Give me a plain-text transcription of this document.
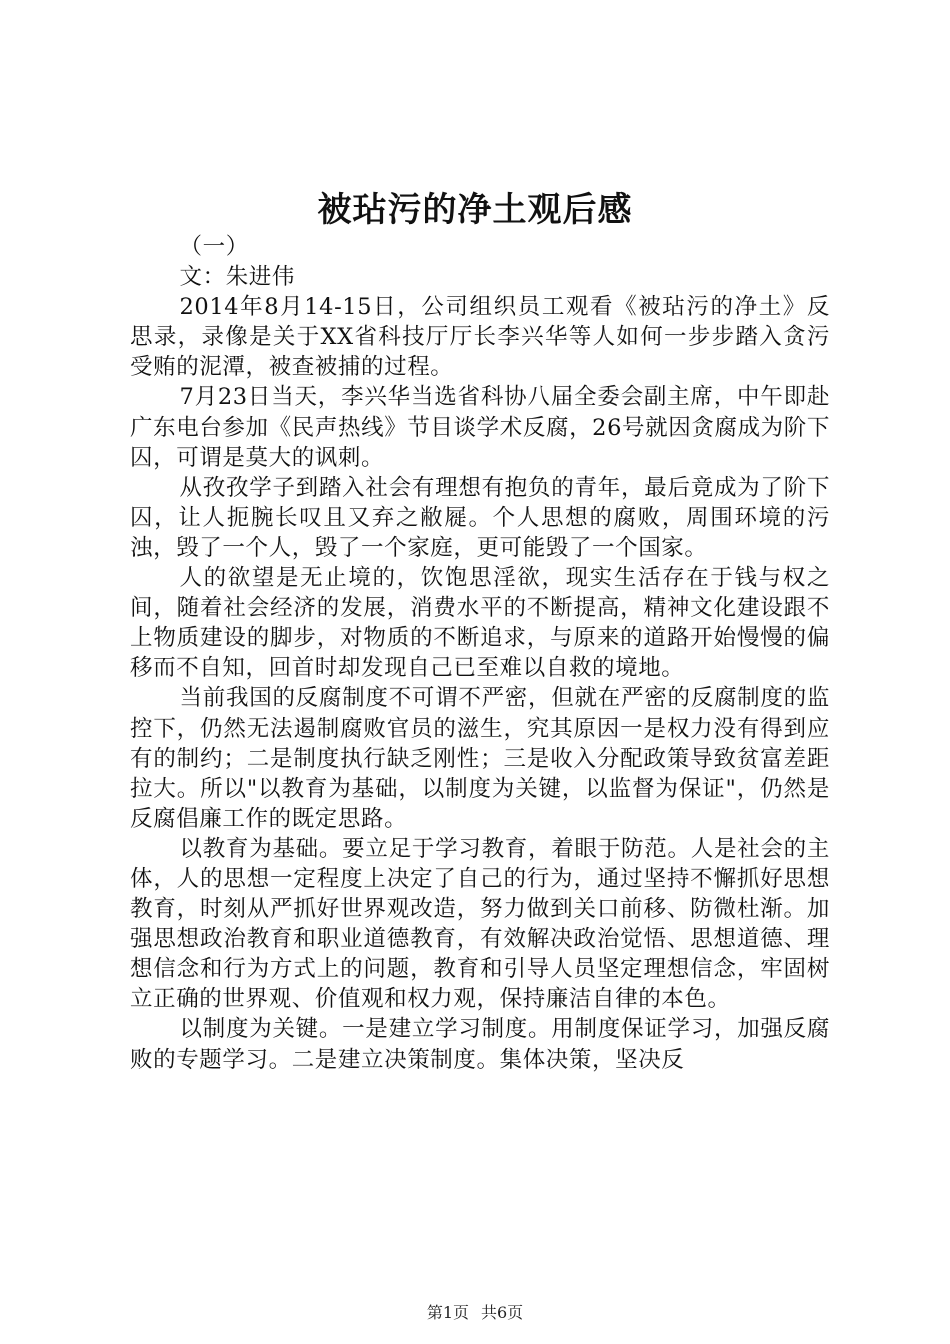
被玷污的净土观后感

（一）

文：朱进伟

2014年8月14-15日，公司组织员工观看《被玷污的净土》反思录，录像是关于XX省科技厅厅长李兴华等人如何一步步踏入贪污受贿的泥潭，被查被捕的过程。

7月23日当天，李兴华当选省科协八届全委会副主席，中午即赴广东电台参加《民声热线》节目谈学术反腐，26号就因贪腐成为阶下囚，可谓是莫大的讽刺。

从孜孜学子到踏入社会有理想有抱负的青年，最后竟成为了阶下囚，让人扼腕长叹且又弃之敝屣。个人思想的腐败，周围环境的污浊，毁了一个人，毁了一个家庭，更可能毁了一个国家。

人的欲望是无止境的，饮饱思淫欲，现实生活存在于钱与权之间，随着社会经济的发展，消费水平的不断提高，精神文化建设跟不上物质建设的脚步，对物质的不断追求，与原来的道路开始慢慢的偏移而不自知，回首时却发现自己已至难以自救的境地。

当前我国的反腐制度不可谓不严密，但就在严密的反腐制度的监控下，仍然无法遏制腐败官员的滋生，究其原因一是权力没有得到应有的制约；二是制度执行缺乏刚性；三是收入分配政策导致贫富差距拉大。所以"以教育为基础，以制度为关键，以监督为保证"，仍然是反腐倡廉工作的既定思路。

以教育为基础。要立足于学习教育，着眼于防范。人是社会的主体，人的思想一定程度上决定了自己的行为，通过坚持不懈抓好思想教育，时刻从严抓好世界观改造，努力做到关口前移、防微杜渐。加强思想政治教育和职业道德教育，有效解决政治觉悟、思想道德、理想信念和行为方式上的问题，教育和引导人员坚定理想信念，牢固树立正确的世界观、价值观和权力观，保持廉洁自律的本色。

以制度为关键。一是建立学习制度。用制度保证学习，加强反腐败的专题学习。二是建立决策制度。集体决策，坚决反

第1页 共6页
